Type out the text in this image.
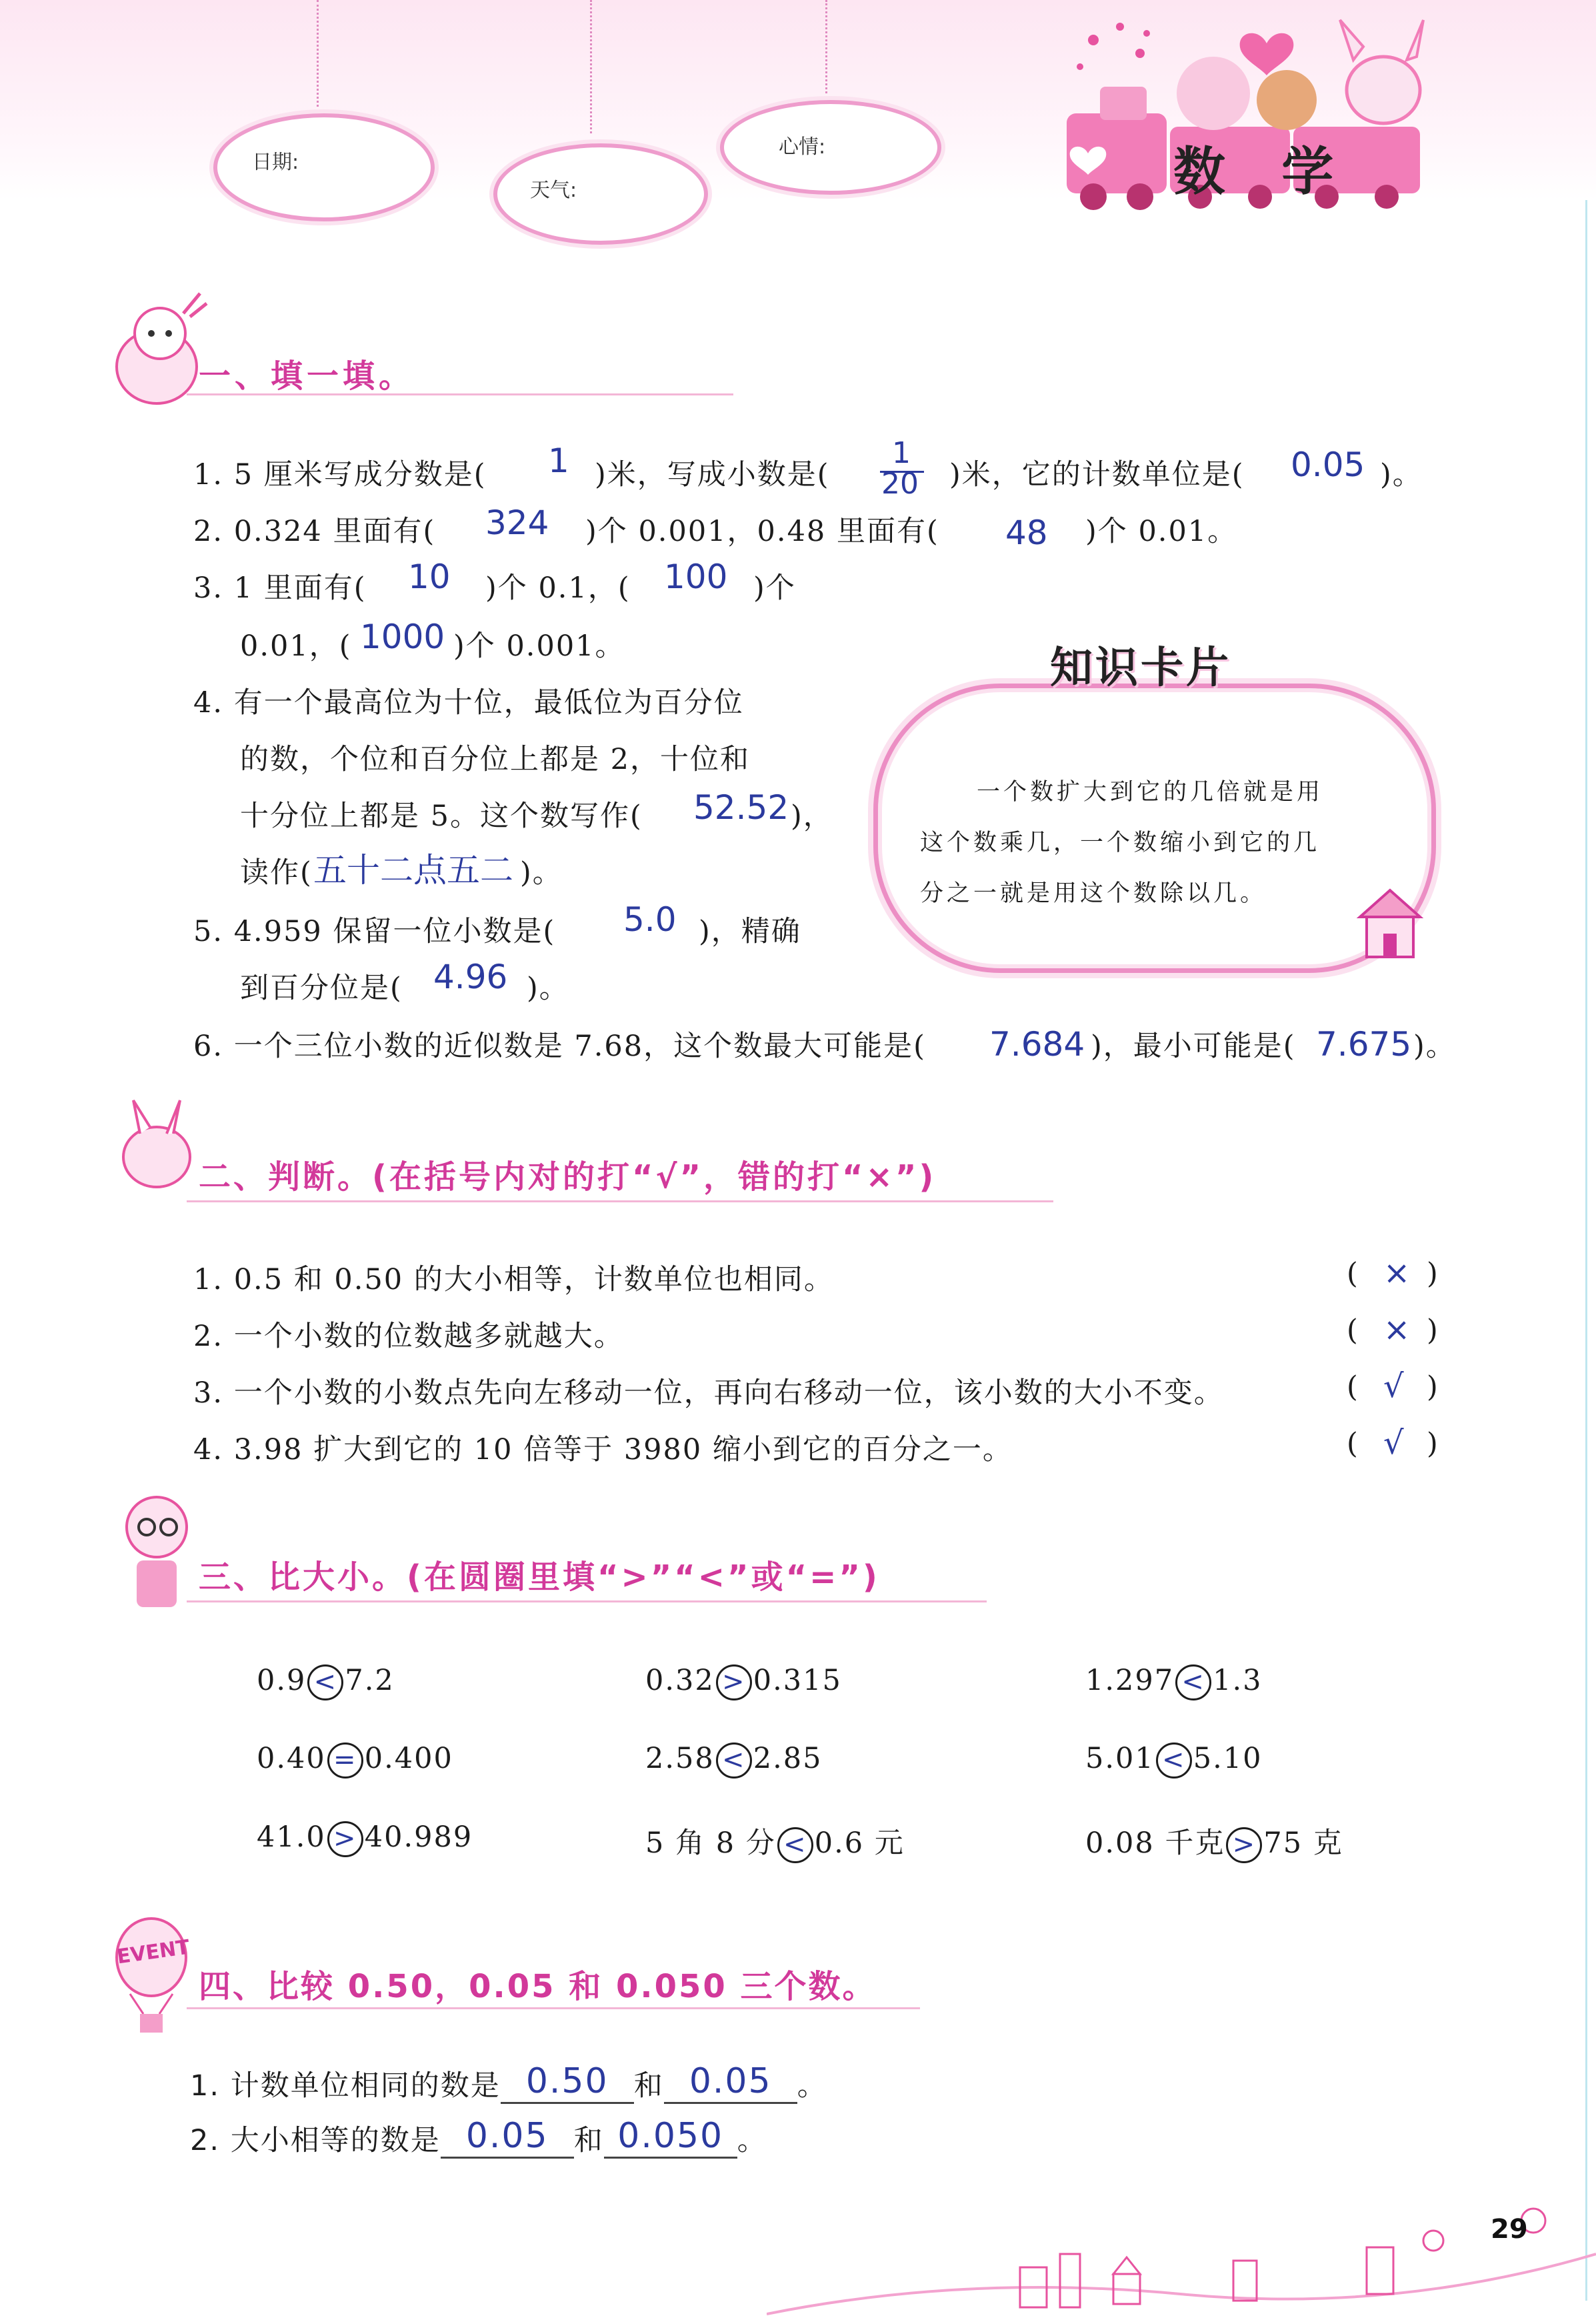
日期:
天气:
心情:	数  学
一、填一填。
1. 5 厘米写成分数是( 1 )米，写成小数是(
1
20 )米，它的计数单位是( 0.05 )。
2. 0.324 里面有( 324 )个 0.001，0.48 里面有( 48 )个 0.01。
3. 1 里面有( 10 )个 0.1，( 100 )个
0.01，( 1000 )个 0.001。
4. 有一个最高位为十位，最低位为百分位
的数，个位和百分位上都是 2，十位和
十分位上都是 5。这个数写作( 52.52 )，
读作( 五十二点五二 )。
5. 4.959 保留一位小数是( 5.0 )，精确
到百分位是( 4.96 )。
6. 一个三位小数的近似数是 7.68，这个数最大可能是( 7.684 )，最小可能是( 7.675 )。
知识卡片
一个数扩大到它的几倍就是用
这个数乘几，一个数缩小到它的几
分之一就是用这个数除以几。
二、判断。(在括号内对的打“√”，错的打“×”)
1. 0.5 和 0.50 的大小相等，计数单位也相同。	( × )
2. 一个小数的位数越多就越大。	( × )
3. 一个小数的小数点先向左移动一位，再向右移动一位，该小数的大小不变。	( √ )
4. 3.98 扩大到它的 10 倍等于 3980 缩小到它的百分之一。	( √ )
三、比大小。(在圆圈里填“>”“<”或“=”)
0.9 < 7.2	0.32 > 0.315	1.297 < 1.3
0.40 = 0.400	2.58 < 2.85	5.01 < 5.10
41.0 > 40.989	5 角 8 分 < 0.6 元	0.08 千克 > 75 克
EVENT
四、比较 0.50，0.05 和 0.050 三个数。
1. 计数单位相同的数是 0.50 和 0.05 。
2. 大小相等的数是 0.05 和 0.050 。
29
